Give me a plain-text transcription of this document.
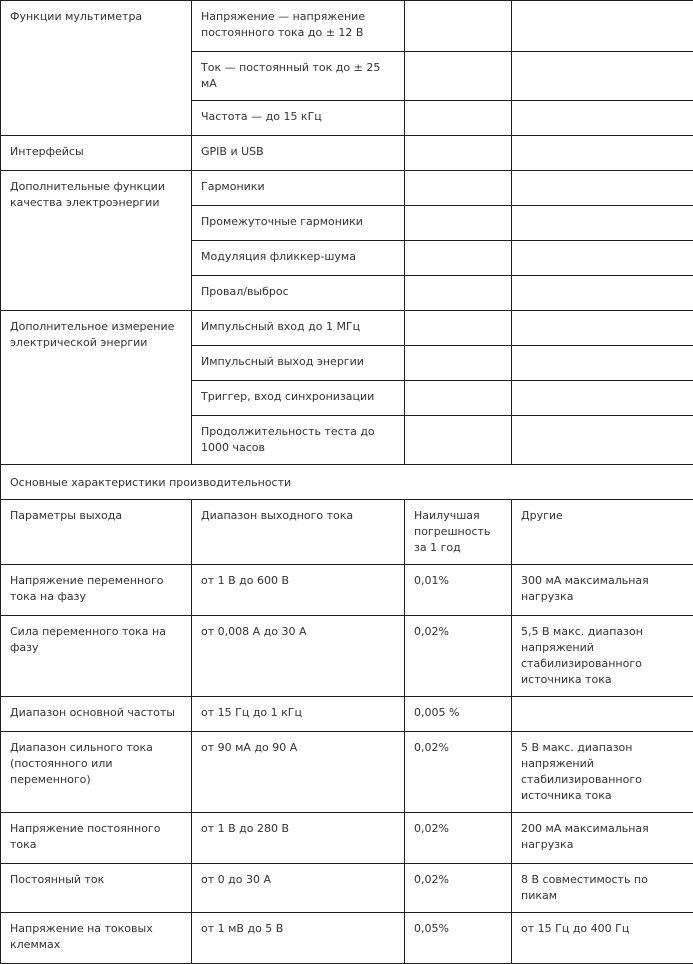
Функции мультиметра	Напряжение — напряжение постоянного тока до ± 12 В		
	Ток — постоянный ток до ± 25 мА		
	Частота — до 15 кГц		
Интерфейсы	GPIB и USB		
Дополнительные функции качества электроэнергии	Гармоники		
	Промежуточные гармоники		
	Модуляция фликкер-шума		
	Провал/выброс		
Дополнительное измерение электрической энергии	Импульсный вход до 1 МГц		
	Импульсный выход энергии		
	Триггер, вход синхронизации		
	Продолжительность теста до 1000 часов		
Основные характеристики производительности			
Параметры выхода	Диапазон выходного тока	Наилучшая погрешность за 1 год	Другие
Напряжение переменного тока на фазу	от 1 В до 600 В	0,01%	300 мА максимальная нагрузка
Сила переменного тока на фазу	от 0,008 А до 30 А	0,02%	5,5 В макс. диапазон напряжений стабилизированного источника тока
Диапазон основной частоты	от 15 Гц до 1 кГц	0,005 %	
Диапазон сильного тока (постоянного или переменного)	от 90 мА до 90 А	0,02%	5 В макс. диапазон напряжений стабилизированного источника тока
Напряжение постоянного тока	от 1 В до 280 В	0,02%	200 мА максимальная нагрузка
Постоянный ток	от 0 до 30 А	0,02%	8 В совместимость по пикам
Напряжение на токовых клеммах	от 1 мВ до 5 В	0,05%	от 15 Гц до 400 Гц
